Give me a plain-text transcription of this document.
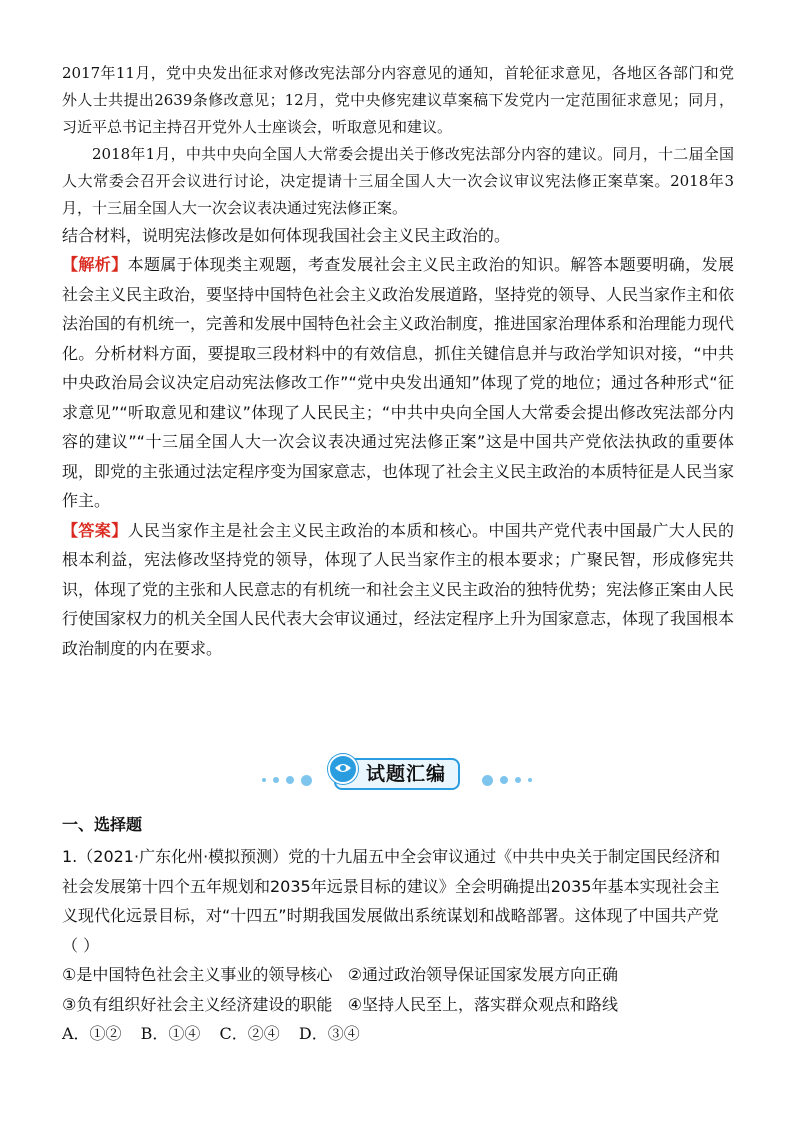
2017年11月，党中央发出征求对修改宪法部分内容意见的通知，首轮征求意见，各地区各部门和党外人士共提出2639条修改意见；12月，党中央修宪建议草案稿下发党内一定范围征求意见；同月，习近平总书记主持召开党外人士座谈会，听取意见和建议。

2018年1月，中共中央向全国人大常委会提出关于修改宪法部分内容的建议。同月，十二届全国人大常委会召开会议进行讨论，决定提请十三届全国人大一次会议审议宪法修正案草案。2018年3月，十三届全国人大一次会议表决通过宪法修正案。

结合材料，说明宪法修改是如何体现我国社会主义民主政治的。

【解析】本题属于体现类主观题，考查发展社会主义民主政治的知识。解答本题要明确，发展社会主义民主政治，要坚持中国特色社会主义政治发展道路，坚持党的领导、人民当家作主和依法治国的有机统一，完善和发展中国特色社会主义政治制度，推进国家治理体系和治理能力现代化。分析材料方面，要提取三段材料中的有效信息，抓住关键信息并与政治学知识对接，“中共中央政治局会议决定启动宪法修改工作”“党中央发出通知”体现了党的地位；通过各种形式“征求意见”“听取意见和建议”体现了人民民主；“中共中央向全国人大常委会提出修改宪法部分内容的建议”“十三届全国人大一次会议表决通过宪法修正案”这是中国共产党依法执政的重要体现，即党的主张通过法定程序变为国家意志，也体现了社会主义民主政治的本质特征是人民当家作主。

【答案】人民当家作主是社会主义民主政治的本质和核心。中国共产党代表中国最广大人民的根本利益，宪法修改坚持党的领导，体现了人民当家作主的根本要求；广聚民智，形成修宪共识，体现了党的主张和人民意志的有机统一和社会主义民主政治的独特优势；宪法修正案由人民行使国家权力的机关全国人民代表大会审议通过，经法定程序上升为国家意志，体现了我国根本政治制度的内在要求。

试题汇编

一、选择题

1.（2021·广东化州·模拟预测）党的十九届五中全会审议通过《中共中央关于制定国民经济和社会发展第十四个五年规划和2035年远景目标的建议》全会明确提出2035年基本实现社会主义现代化远景目标，对“十四五”时期我国发展做出系统谋划和战略部署。这体现了中国共产党（ ）

①是中国特色社会主义事业的领导核心 ②通过政治领导保证国家发展方向正确

③负有组织好社会主义经济建设的职能 ④坚持人民至上，落实群众观点和路线

A．①② B．①④ C．②④ D．③④
